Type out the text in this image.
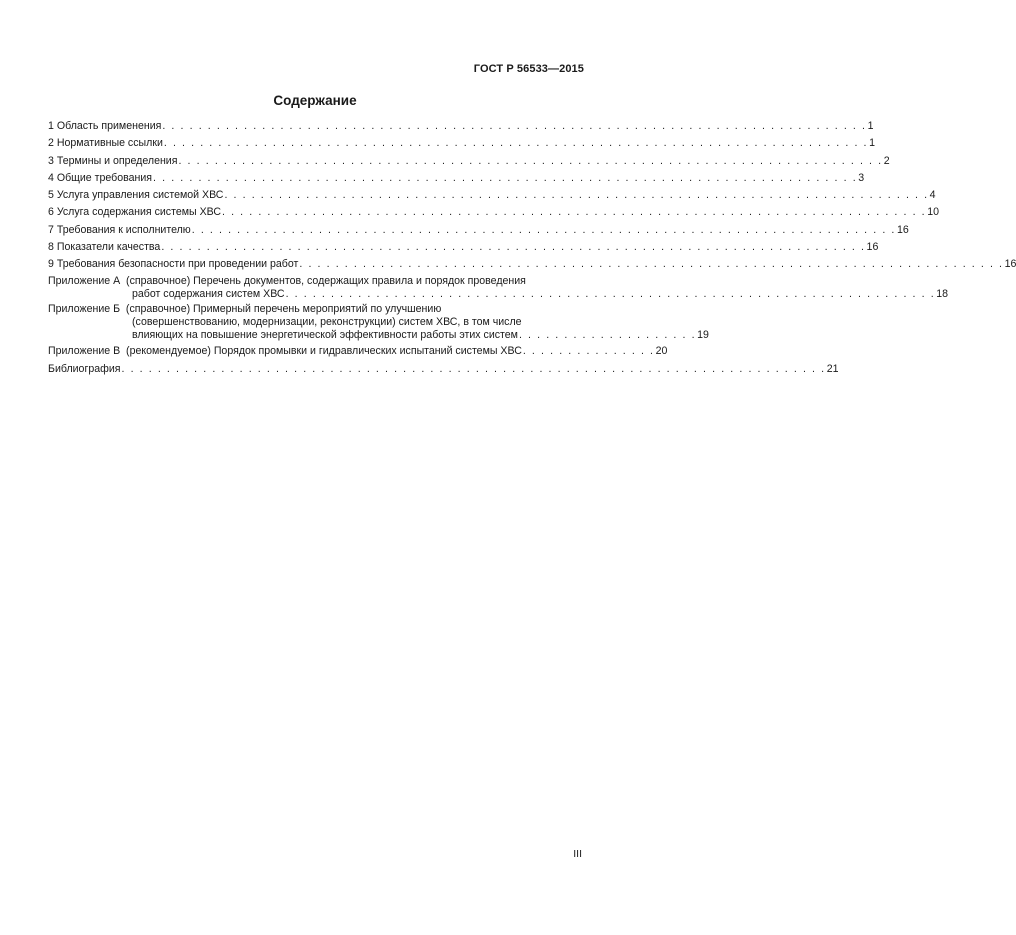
ГОСТ Р 56533—2015
Содержание
1
Область применения . . . . . . . . . . . . . . . . . . . . . . . . . . . . . . . . . . . . . . . . . . . . . . . . . . . . . . . . . . . . . . . . . . . . . . . . . . . . . . 1
2
Нормативные ссылки . . . . . . . . . . . . . . . . . . . . . . . . . . . . . . . . . . . . . . . . . . . . . . . . . . . . . . . . . . . . . . . . . . . . . . . . . . . . . . 1
3
Термины и определения . . . . . . . . . . . . . . . . . . . . . . . . . . . . . . . . . . . . . . . . . . . . . . . . . . . . . . . . . . . . . . . . . . . . . . . . . . . . . . 2
4
Общие требования . . . . . . . . . . . . . . . . . . . . . . . . . . . . . . . . . . . . . . . . . . . . . . . . . . . . . . . . . . . . . . . . . . . . . . . . . . . . . . 3
5
Услуга управления системой ХВС . . . . . . . . . . . . . . . . . . . . . . . . . . . . . . . . . . . . . . . . . . . . . . . . . . . . . . . . . . . . . . . . . . . . . . . . . . . . . . 4
6
Услуга содержания системы ХВС . . . . . . . . . . . . . . . . . . . . . . . . . . . . . . . . . . . . . . . . . . . . . . . . . . . . . . . . . . . . . . . . . . . . . . . . . . . . . . 10
7
Требования к исполнителю . . . . . . . . . . . . . . . . . . . . . . . . . . . . . . . . . . . . . . . . . . . . . . . . . . . . . . . . . . . . . . . . . . . . . . . . . . . . . . 16
8
Показатели качества . . . . . . . . . . . . . . . . . . . . . . . . . . . . . . . . . . . . . . . . . . . . . . . . . . . . . . . . . . . . . . . . . . . . . . . . . . . . . . 16
9
Требования безопасности при проведении работ . . . . . . . . . . . . . . . . . . . . . . . . . . . . . . . . . . . . . . . . . . . . . . . . . . . . . . . . . . . . . . . . . . . . . . . . . . . . . . 16
Приложение А
(справочное) Перечень документов, содержащих правила и порядок проведения
работ содержания систем ХВС . . . . . . . . . . . . . . . . . . . . . . . . . . . . . . . . . . . . . . . . . . . . . . . . . . . . . . . . . . . . . . . . . . . . . . . . 18
Приложение Б
(справочное) Примерный перечень мероприятий по улучшению
(совершенствованию, модернизации, реконструкции) систем ХВС, в том числе
влияющих на повышение энергетической эффективности работы этих систем . . . . . . . . . . . . . . . . . . . . 19
Приложение В
(рекомендуемое) Порядок промывки и гидравлических испытаний системы ХВС . . . . . . . . . . . . . . . 20
Библиография . . . . . . . . . . . . . . . . . . . . . . . . . . . . . . . . . . . . . . . . . . . . . . . . . . . . . . . . . . . . . . . . . . . . . . . . . . . . . . 21
III
